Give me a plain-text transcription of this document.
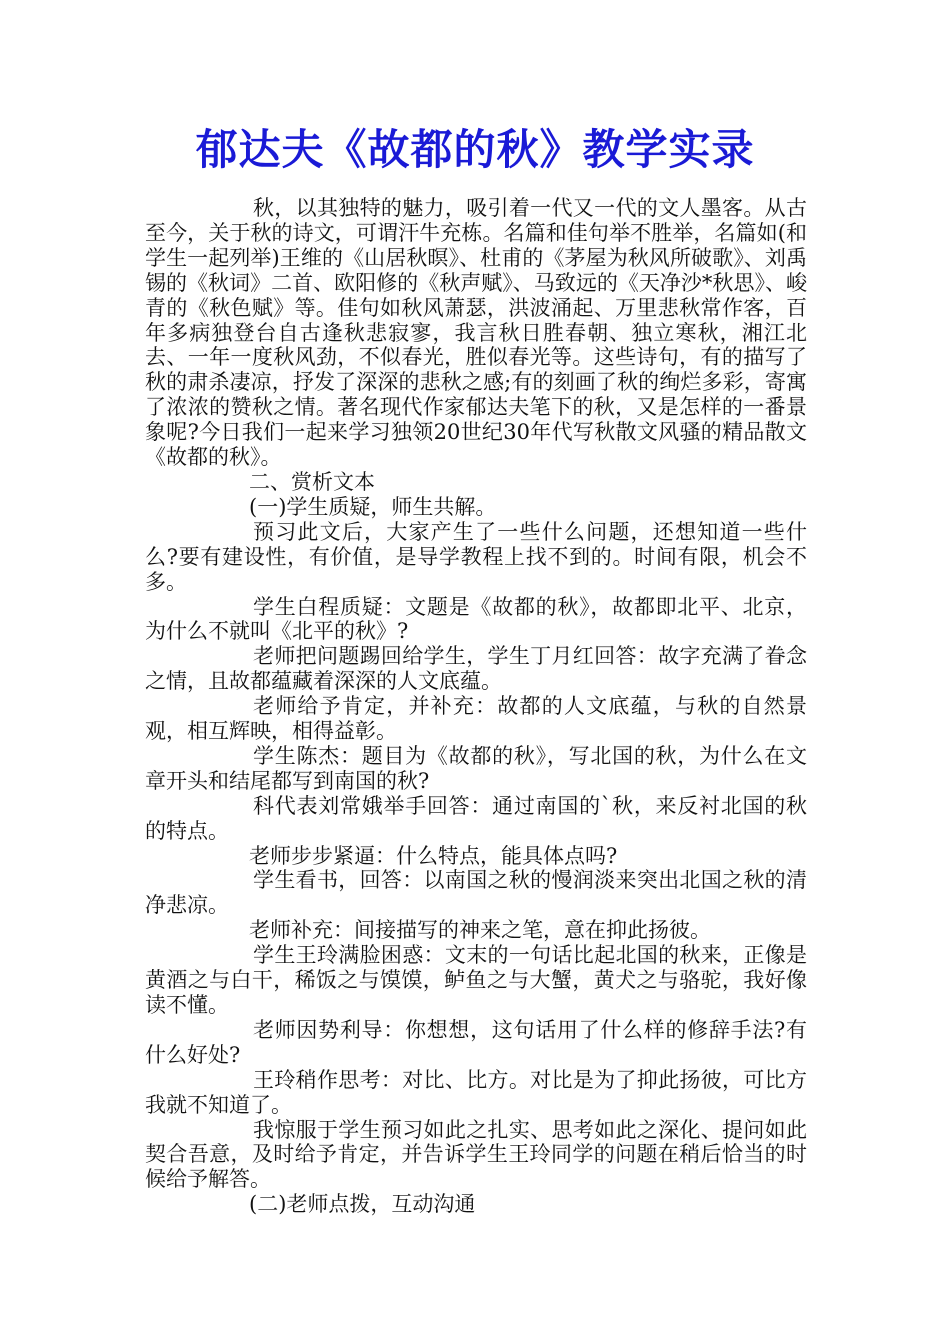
郁达夫《故都的秋》教学实录

秋，以其独特的魅力，吸引着一代又一代的文人墨客。从古至今，关于秋的诗文，可谓汗牛充栋。名篇和佳句举不胜举，名篇如(和学生一起列举)王维的《山居秋暝》、杜甫的《茅屋为秋风所破歌》、刘禹锡的《秋词》二首、欧阳修的《秋声赋》、马致远的《天净沙*秋思》、峻青的《秋色赋》等。佳句如秋风萧瑟，洪波涌起、万里悲秋常作客，百年多病独登台自古逢秋悲寂寥，我言秋日胜春朝、独立寒秋，湘江北去、一年一度秋风劲，不似春光，胜似春光等。这些诗句，有的描写了秋的肃杀凄凉，抒发了深深的悲秋之感;有的刻画了秋的绚烂多彩，寄寓了浓浓的赞秋之情。著名现代作家郁达夫笔下的秋，又是怎样的一番景象呢?今日我们一起来学习独领20世纪30年代写秋散文风骚的精品散文《故都的秋》。

二、赏析文本

(一)学生质疑，师生共解。

预习此文后，大家产生了一些什么问题，还想知道一些什么?要有建设性，有价值，是导学教程上找不到的。时间有限，机会不多。

学生白程质疑：文题是《故都的秋》，故都即北平、北京，为什么不就叫《北平的秋》?

老师把问题踢回给学生，学生丁月红回答：故字充满了眷念之情，且故都蕴藏着深深的人文底蕴。

老师给予肯定，并补充：故都的人文底蕴，与秋的自然景观，相互辉映，相得益彰。

学生陈杰：题目为《故都的秋》，写北国的秋，为什么在文章开头和结尾都写到南国的秋?

科代表刘常娥举手回答：通过南国的`秋，来反衬北国的秋的特点。

老师步步紧逼：什么特点，能具体点吗?

学生看书，回答：以南国之秋的慢润淡来突出北国之秋的清净悲凉。

老师补充：间接描写的神来之笔，意在抑此扬彼。

学生王玲满脸困惑：文末的一句话比起北国的秋来，正像是黄酒之与白干，稀饭之与馍馍，鲈鱼之与大蟹，黄犬之与骆驼，我好像读不懂。

老师因势利导：你想想，这句话用了什么样的修辞手法?有什么好处?

王玲稍作思考：对比、比方。对比是为了抑此扬彼，可比方我就不知道了。

我惊服于学生预习如此之扎实、思考如此之深化、提问如此契合吾意，及时给予肯定，并告诉学生王玲同学的问题在稍后恰当的时候给予解答。

(二)老师点拨，互动沟通
